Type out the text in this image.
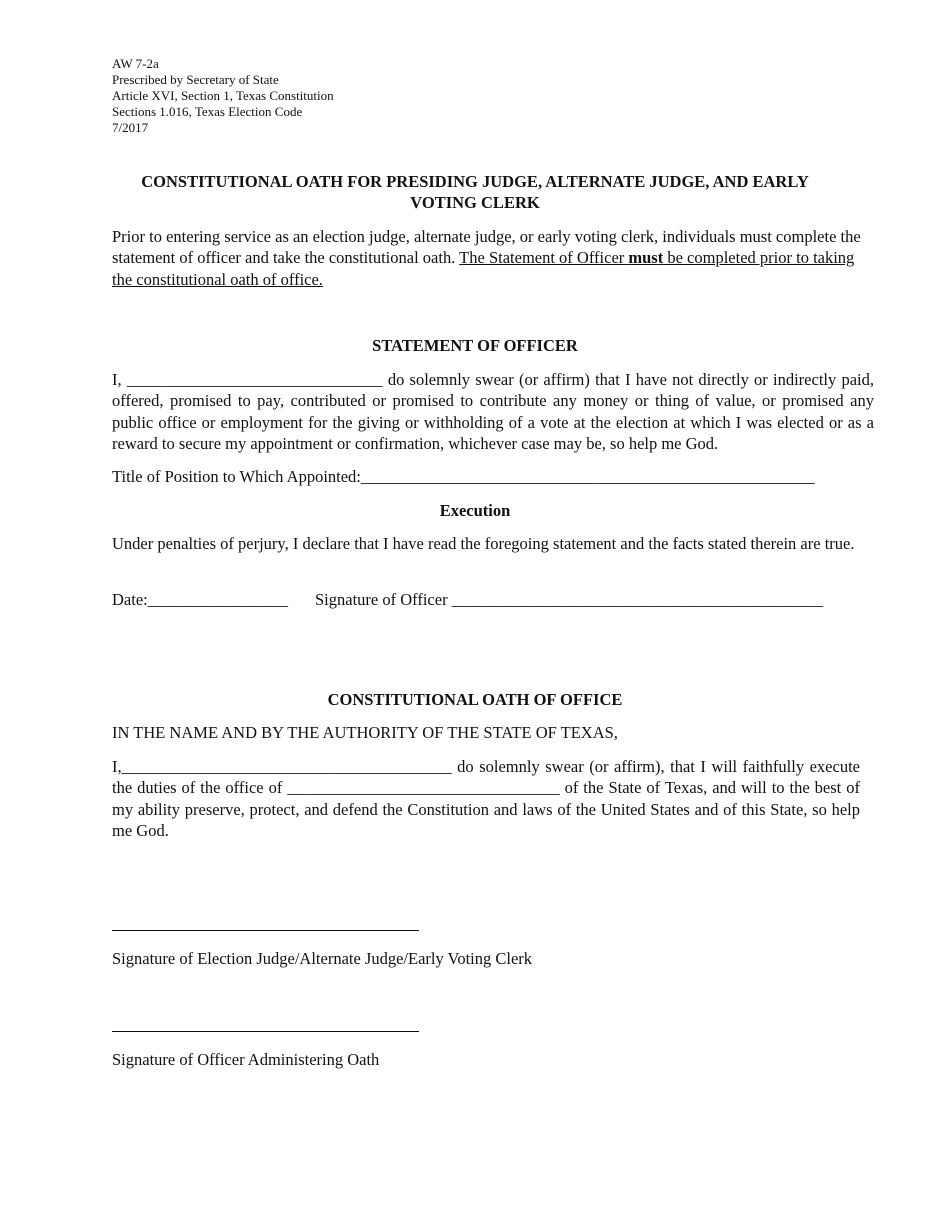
AW 7-2a
Prescribed by Secretary of State
Article XVI, Section 1, Texas Constitution
Sections 1.016, Texas Election Code
7/2017
CONSTITUTIONAL OATH FOR PRESIDING JUDGE, ALTERNATE JUDGE, AND EARLY
VOTING CLERK

Prior to entering service as an election judge, alternate judge, or early voting clerk, individuals must complete the statement of officer and take the constitutional oath. The Statement of Officer must be completed prior to taking the constitutional oath of office.

STATEMENT OF OFFICER

I, _______________________________ do solemnly swear (or affirm) that I have not directly or indirectly paid, offered, promised to pay, contributed or promised to contribute any money or thing of value, or promised any public office or employment for the giving or withholding of a vote at the election at which I was elected or as a reward to secure my appointment or confirmation, whichever case may be, so help me God.

Title of Position to Which Appointed:_______________________________________________________
Execution

Under penalties of perjury, I declare that I have read the foregoing statement and the facts stated therein are true.

Date:_________________ Signature of Officer _____________________________________________
CONSTITUTIONAL OATH OF OFFICE
IN THE NAME AND BY THE AUTHORITY OF THE STATE OF TEXAS,

I,________________________________________ do solemnly swear (or affirm), that I will faithfully execute the duties of the office of _________________________________ of the State of Texas, and will to the best of my ability preserve, protect, and defend the Constitution and laws of the United States and of this State, so help me God.

Signature of Election Judge/Alternate Judge/Early Voting Clerk
Signature of Officer Administering Oath
